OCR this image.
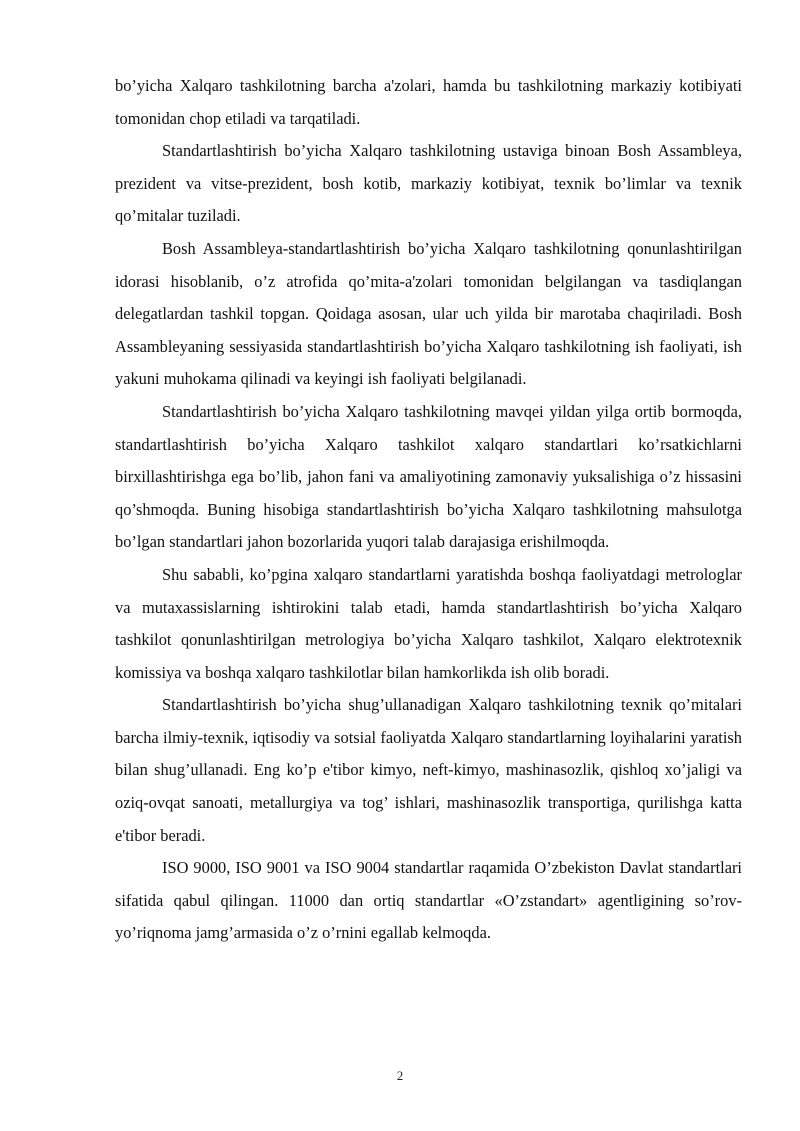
bo’yicha Xalqaro tashkilotning barcha a'zolari, hamda bu tashkilotning markaziy kotibiyati tomonidan chop etiladi va tarqatiladi.

Standartlashtirish bo’yicha Xalqaro tashkilotning ustaviga binoan Bosh Assambleya, prezident va vitse-prezident, bosh kotib, markaziy kotibiyat, texnik bo’limlar va texnik qo’mitalar tuziladi.

Bosh Assambleya-standartlashtirish bo’yicha Xalqaro tashkilotning qonunlashtirilgan idorasi hisoblanib, o’z atrofida qo’mita-a'zolari tomonidan belgilangan va tasdiqlangan delegatlardan tashkil topgan. Qoidaga asosan, ular uch yilda bir marotaba chaqiriladi. Bosh Assambleyaning sessiyasida standartlashtirish bo’yicha Xalqaro tashkilotning ish faoliyati, ish yakuni muhokama qilinadi va keyingi ish faoliyati belgilanadi.

Standartlashtirish bo’yicha Xalqaro tashkilotning mavqei yildan yilga ortib bormoqda, standartlashtirish bo’yicha Xalqaro tashkilot xalqaro standartlari ko’rsatkichlarni birxillashtirishga ega bo’lib, jahon fani va amaliyotining zamonaviy yuksalishiga o’z hissasini qo’shmoqda. Buning hisobiga standartlashtirish bo’yicha Xalqaro tashkilotning mahsulotga bo’lgan standartlari jahon bozorlarida yuqori talab darajasiga erishilmoqda.

Shu sababli, ko’pgina xalqaro standartlarni yaratishda boshqa faoliyatdagi metrologlar va mutaxassislarning ishtirokini talab etadi, hamda standartlashtirish bo’yicha Xalqaro tashkilot qonunlashtirilgan metrologiya bo’yicha Xalqaro tashkilot, Xalqaro elektrotexnik komissiya va boshqa xalqaro tashkilotlar bilan hamkorlikda ish olib boradi.

Standartlashtirish bo’yicha shug’ullanadigan Xalqaro tashkilotning texnik qo’mitalari barcha ilmiy-texnik, iqtisodiy va sotsial faoliyatda Xalqaro standartlarning loyihalarini yaratish bilan shug’ullanadi. Eng ko’p e'tibor kimyo, neft-kimyo, mashinasozlik, qishloq xo’jaligi va oziq-ovqat sanoati, metallurgiya va tog’ ishlari, mashinasozlik transportiga, qurilishga katta e'tibor beradi.

ISO 9000, ISO 9001 va ISO 9004 standartlar raqamida O’zbekiston Davlat standartlari sifatida qabul qilingan. 11000 dan ortiq standartlar «O’zstandart» agentligining so’rov-yo’riqnoma jamg’armasida o’z o’rnini egallab kelmoqda.

2
